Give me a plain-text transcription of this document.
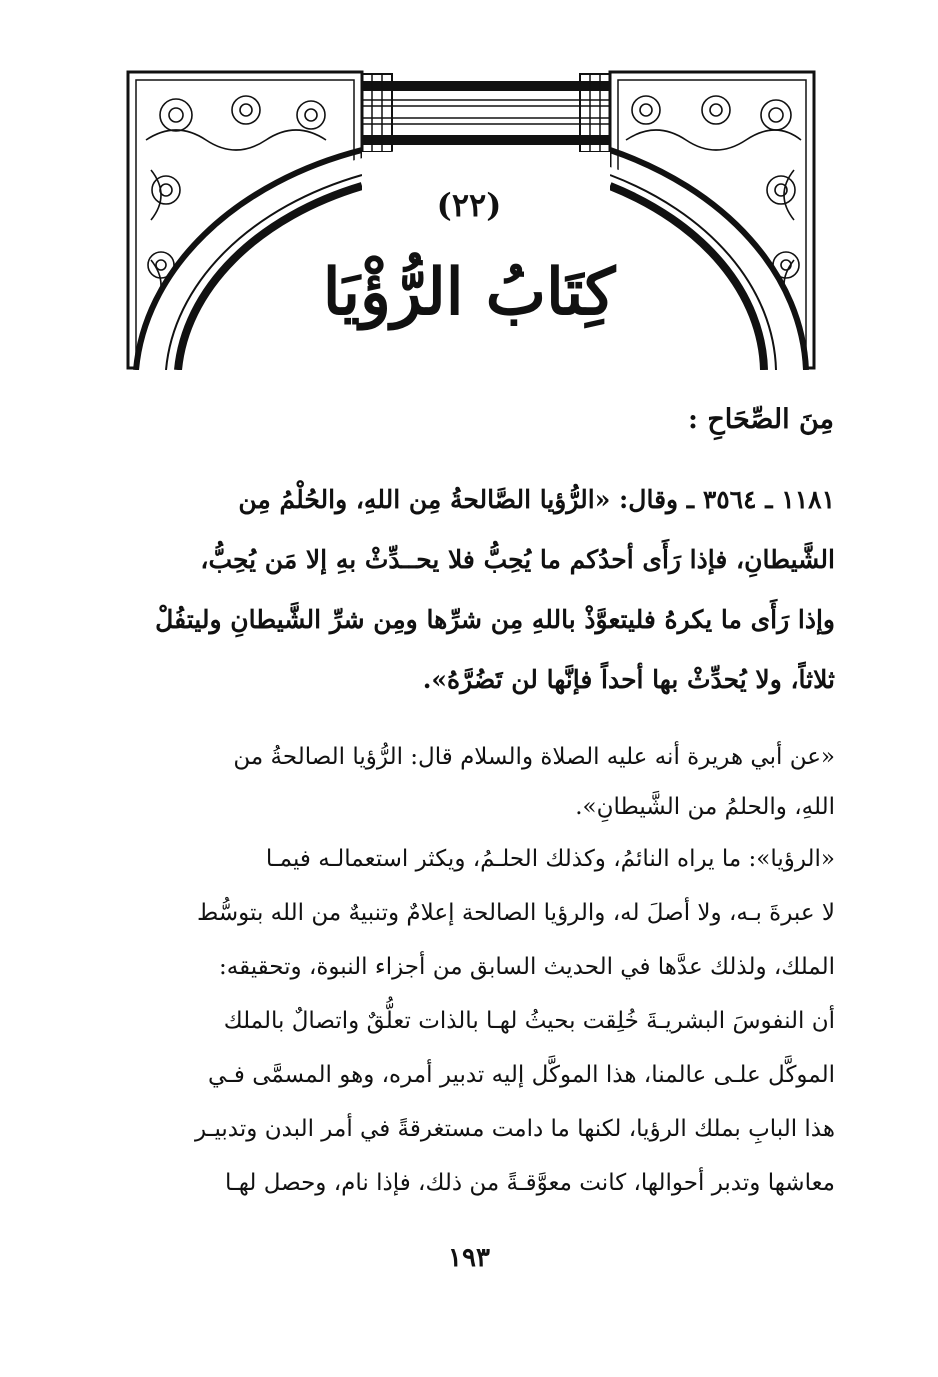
(٢٢)
كِتَابُ الرُّؤْيَا
مِنَ الصِّحَاحِ :
١١٨١ ـ ٣٥٦٤ ـ وقال: «الرُّؤيا الصَّالحةُ مِن اللهِ، والحُلْمُ مِن
الشَّيطانِ، فإذا رَأَى أحدُكم ما يُحِبُّ فلا يحــدِّثْ بهِ إلا مَن يُحِبُّ،
وإذا رَأَى ما يكرهُ فليتعوَّذْ باللهِ مِن شرِّها ومِن شرِّ الشَّيطانِ وليتفُلْ
ثلاثاً، ولا يُحدِّثْ بها أحداً فإنَّها لن تَضُرَّهُ».
«عن أبي هريرة أنه عليه الصلاة والسلام قال: الرُّؤيا الصالحةُ من
اللهِ، والحلمُ من الشَّيطانِ».
«الرؤيا»: ما يراه النائمُ، وكذلك الحلـمُ، ويكثر استعمالـه فيمـا
لا عبرةَ بـه، ولا أصلَ له، والرؤيا الصالحة إعلامٌ وتنبيهٌ من الله بتوسُّط
الملك، ولذلك عدَّها في الحديث السابق من أجزاء النبوة، وتحقيقه:
أن النفوسَ البشريـةَ خُلِقت بحيثُ لهـا بالذات تعلُّقٌ واتصالٌ بالملك
الموكَّل علـى عالمنا، هذا الموكَّل إليه تدبير أمره، وهو المسمَّى فـي
هذا البابِ بملك الرؤيا، لكنها ما دامت مستغرقةً في أمر البدن وتدبيـر
معاشها وتدبر أحوالها، كانت معوَّقـةً من ذلك، فإذا نام، وحصل لهـا
١٩٣
